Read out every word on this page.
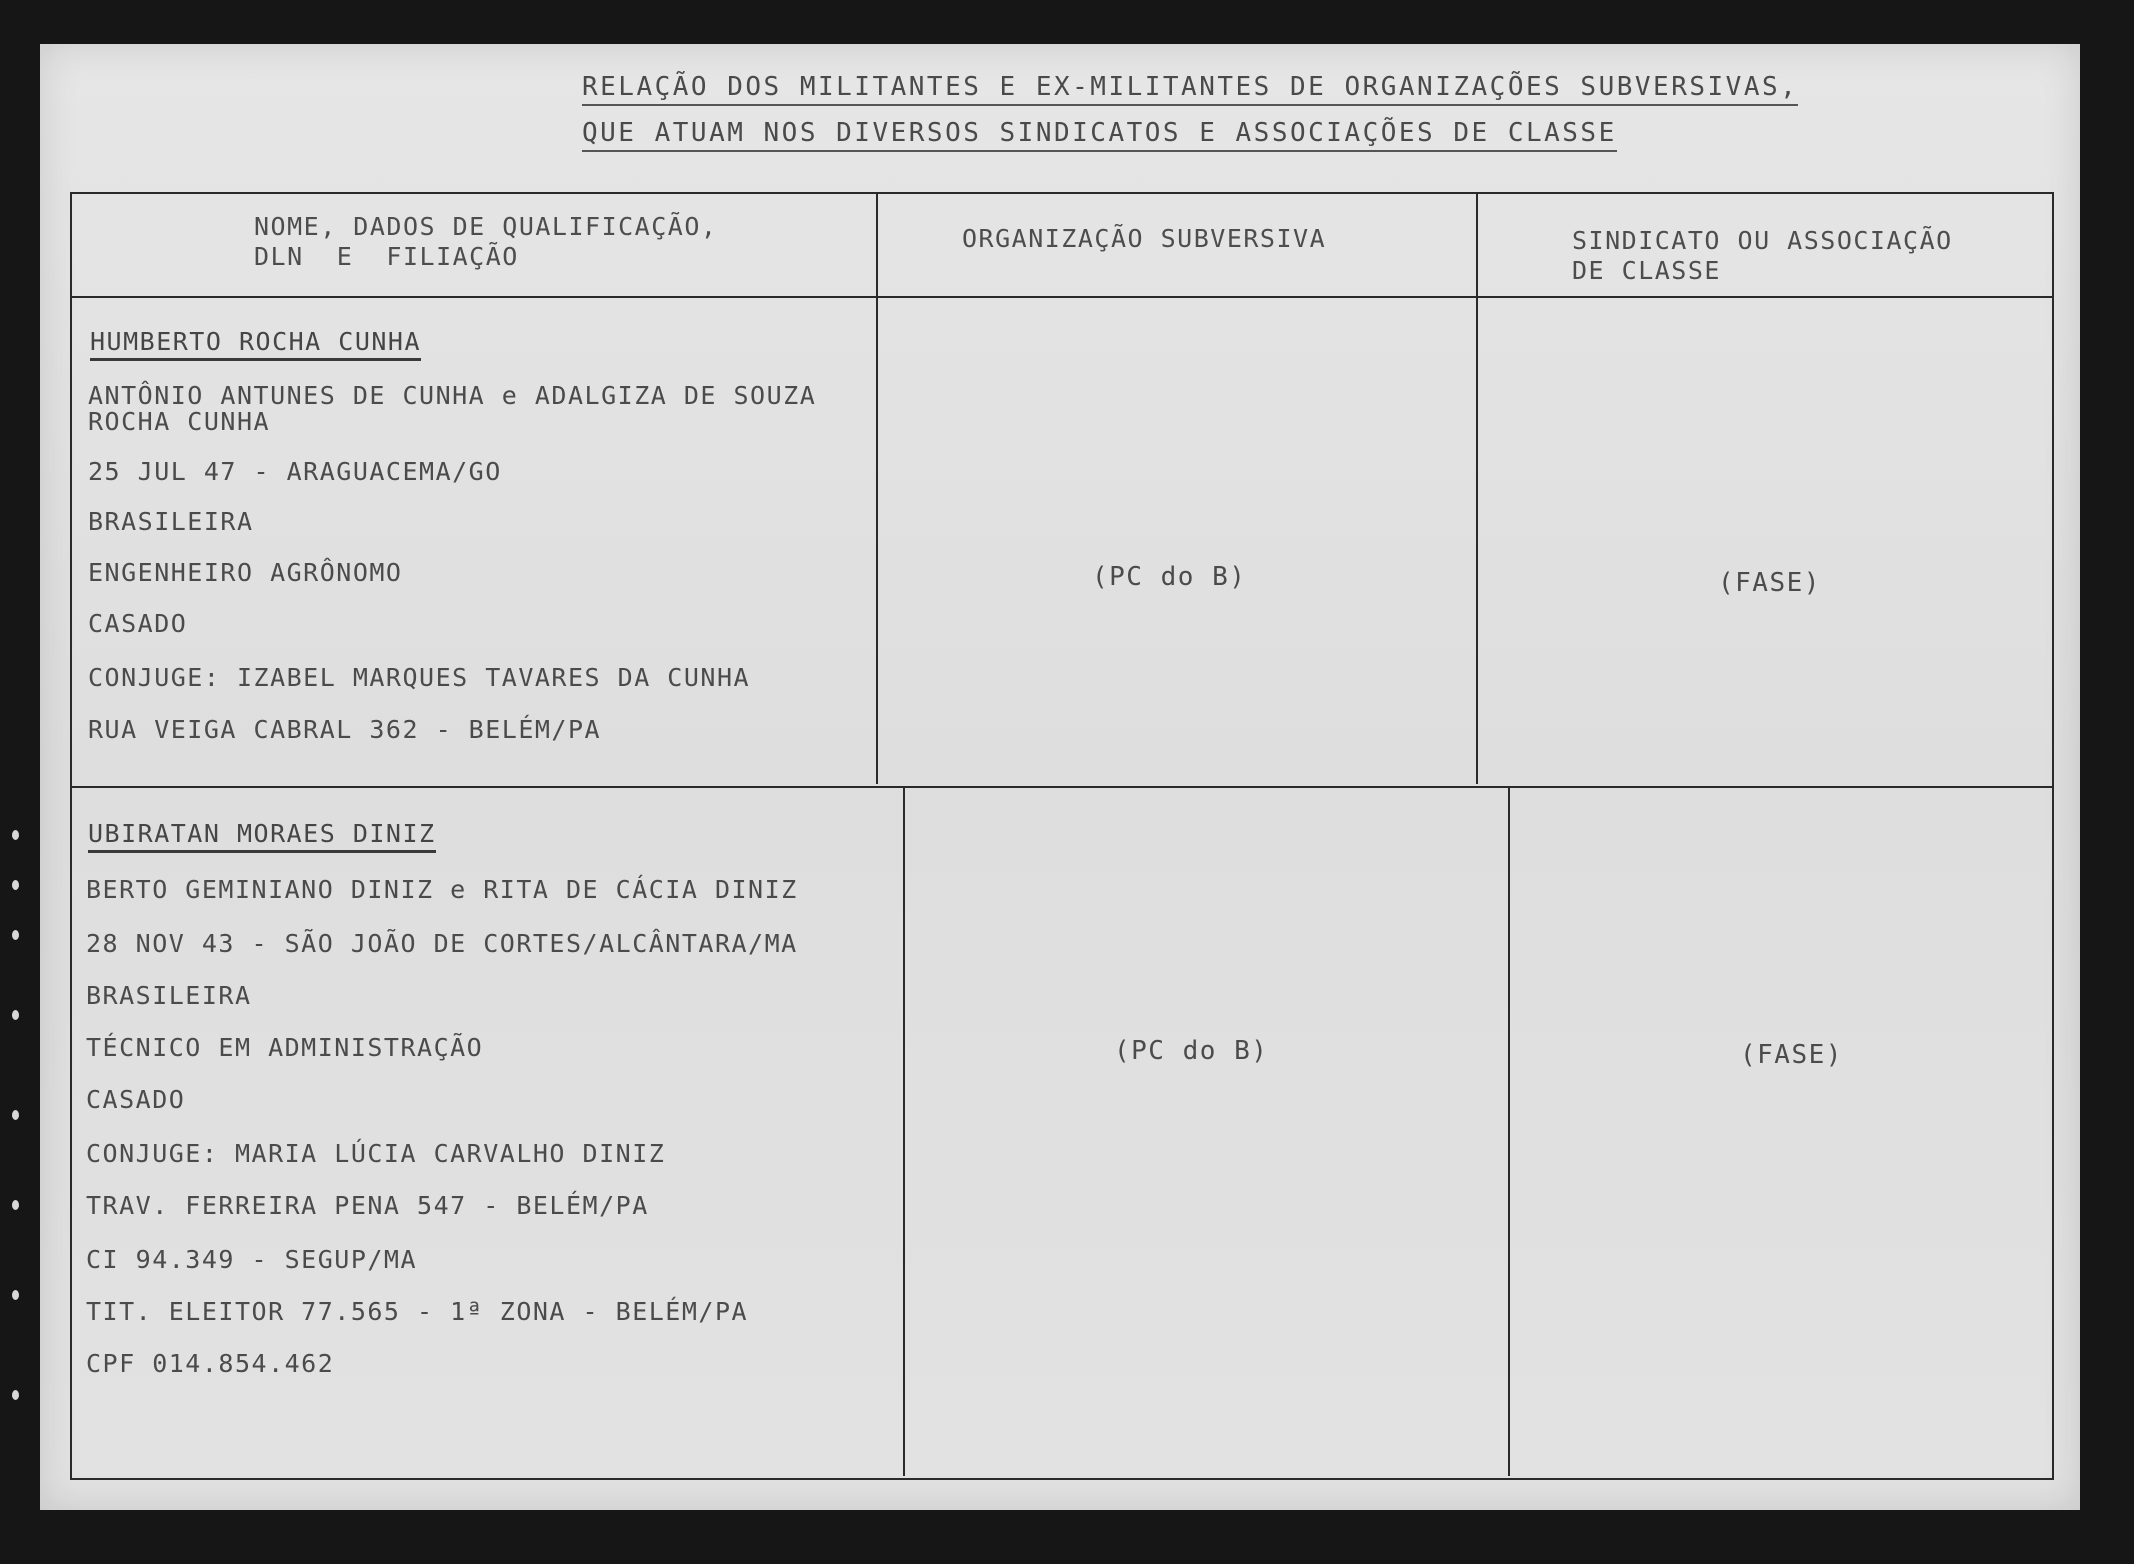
RELAÇÃO DOS MILITANTES E EX-MILITANTES DE ORGANIZAÇÕES SUBVERSIVAS,
QUE ATUAM NOS DIVERSOS SINDICATOS E ASSOCIAÇÕES DE CLASSE
NOME, DADOS DE QUALIFICAÇÃO,
DLN  E  FILIAÇÃO
ORGANIZAÇÃO SUBVERSIVA	SINDICATO OU ASSOCIAÇÃO
DE CLASSE
HUMBERTO ROCHA CUNHA
ANTÔNIO ANTUNES DE CUNHA e ADALGIZA DE SOUZA
ROCHA CUNHA
25 JUL 47 - ARAGUACEMA/GO
BRASILEIRA
ENGENHEIRO AGRÔNOMO
CASADO
CONJUGE: IZABEL MARQUES TAVARES DA CUNHA
RUA VEIGA CABRAL 362 - BELÉM/PA
(PC do B)	(FASE)
UBIRATAN MORAES DINIZ
BERTO GEMINIANO DINIZ e RITA DE CÁCIA DINIZ
28 NOV 43 - SÃO JOÃO DE CORTES/ALCÂNTARA/MA
BRASILEIRA
TÉCNICO EM ADMINISTRAÇÃO
CASADO
CONJUGE: MARIA LÚCIA CARVALHO DINIZ
TRAV. FERREIRA PENA 547 - BELÉM/PA
CI 94.349 - SEGUP/MA
TIT. ELEITOR 77.565 - 1ª ZONA - BELÉM/PA
CPF 014.854.462
(PC do B)	(FASE)
